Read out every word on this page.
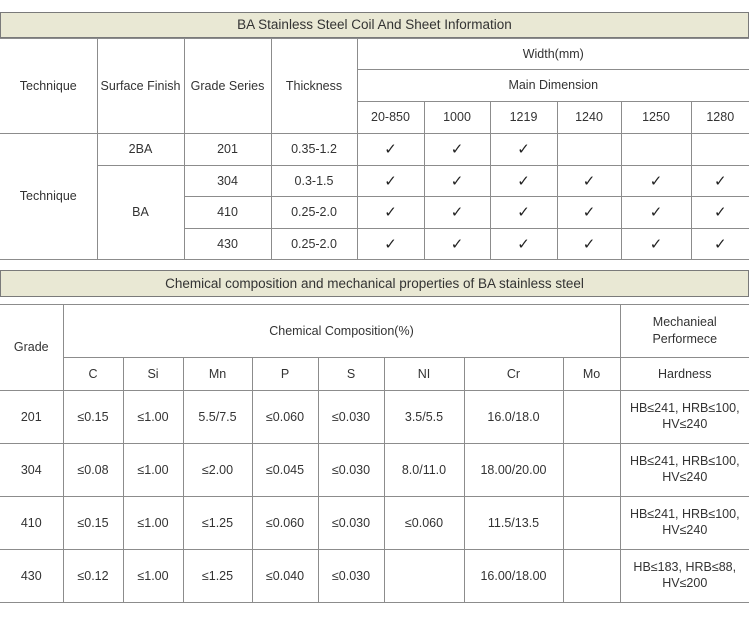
BA Stainless Steel Coil And Sheet Information
Technique	Surface Finish	Grade Series	Thickness	Width(mm)					
				Main Dimension					
				20-850	1000	1219	1240	1250	1280
Technique	2BA	201	0.35-1.2	✓	✓	✓			
	BA	304	0.3-1.5	✓	✓	✓	✓	✓	✓
		410	0.25-2.0	✓	✓	✓	✓	✓	✓
		430	0.25-2.0	✓	✓	✓	✓	✓	✓
Chemical composition and mechanical properties of BA stainless steel
Grade	Chemical Composition(%)								Mechanieal Performece
	C	Si	Mn	P	S	NI	Cr	Mo	Hardness
201	≤0.15	≤1.00	5.5/7.5	≤0.060	≤0.030	3.5/5.5	16.0/18.0		HB≤241, HRB≤100, HV≤240
304	≤0.08	≤1.00	≤2.00	≤0.045	≤0.030	8.0/11.0	18.00/20.00		HB≤241, HRB≤100, HV≤240
410	≤0.15	≤1.00	≤1.25	≤0.060	≤0.030	≤0.060	11.5/13.5		HB≤241, HRB≤100, HV≤240
430	≤0.12	≤1.00	≤1.25	≤0.040	≤0.030		16.00/18.00		HB≤183, HRB≤88, HV≤200
